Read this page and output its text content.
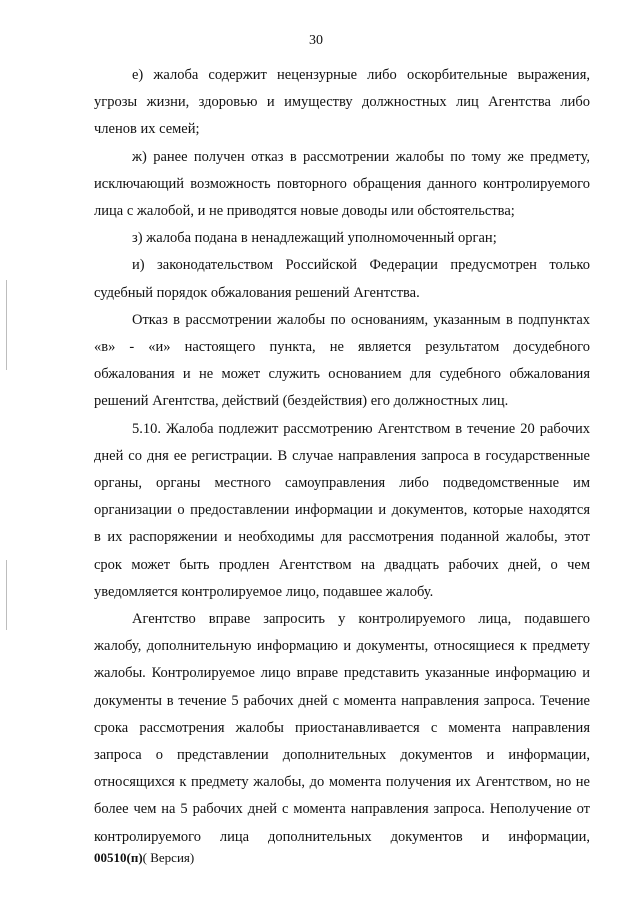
30

е) жалоба содержит нецензурные либо оскорбительные выражения,
угрозы жизни, здоровью и имуществу должностных лиц Агентства либо
членов их семей;

ж) ранее получен отказ в рассмотрении жалобы по тому же предмету,
исключающий возможность повторного обращения данного контролируемого
лица с жалобой, и не приводятся новые доводы или обстоятельства;

з) жалоба подана в ненадлежащий уполномоченный орган;

и) законодательством Российской Федерации предусмотрен только
судебный порядок обжалования решений Агентства.

Отказ в рассмотрении жалобы по основаниям, указанным в подпунктах
«в» - «и» настоящего пункта, не является результатом досудебного
обжалования и не может служить основанием для судебного обжалования
решений Агентства, действий (бездействия) его должностных лиц.

5.10. Жалоба подлежит рассмотрению Агентством в течение 20 рабочих
дней со дня ее регистрации. В случае направления запроса в государственные
органы, органы местного самоуправления либо подведомственные им
организации о предоставлении информации и документов, которые находятся
в их распоряжении и необходимы для рассмотрения поданной жалобы, этот
срок может быть продлен Агентством на двадцать рабочих дней, о чем
уведомляется контролируемое лицо, подавшее жалобу.

Агентство вправе запросить у контролируемого лица, подавшего
жалобу, дополнительную информацию и документы, относящиеся к предмету
жалобы. Контролируемое лицо вправе представить указанные информацию и
документы в течение 5 рабочих дней с момента направления запроса. Течение
срока рассмотрения жалобы приостанавливается с момента направления
запроса о представлении дополнительных документов и информации,
относящихся к предмету жалобы, до момента получения их Агентством, но не
более чем на 5 рабочих дней с момента направления запроса. Неполучение от
контролируемого лица дополнительных документов и информации,

00510(п)( Версия)
